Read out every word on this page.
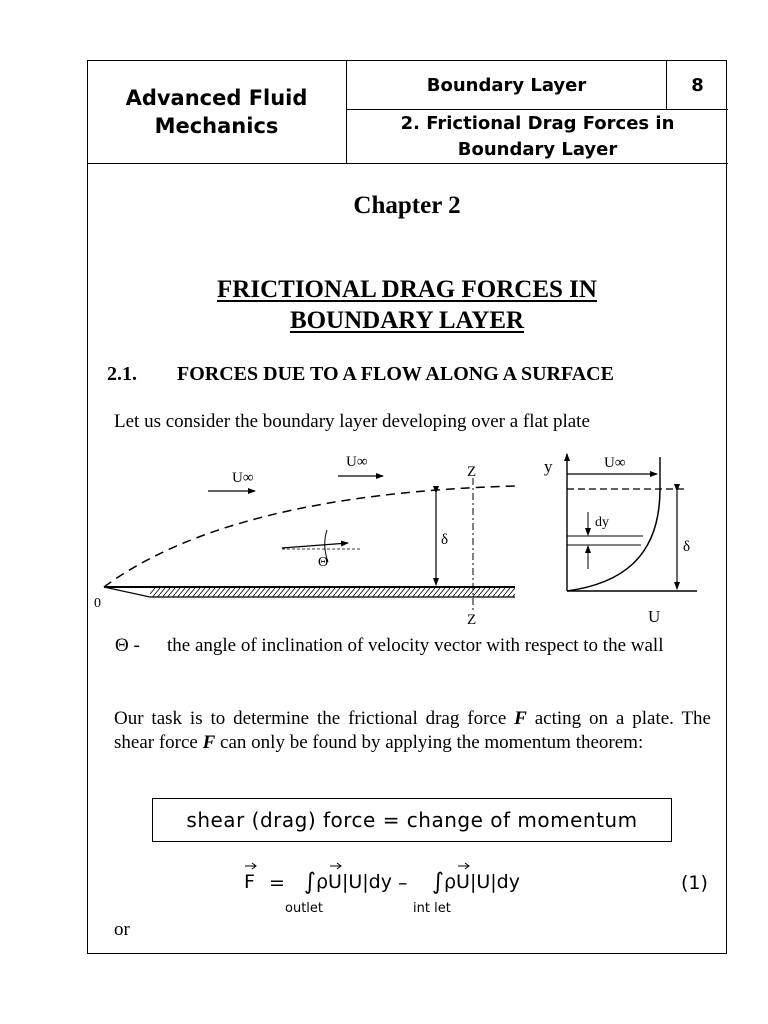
Advanced Fluid
Mechanics
Boundary Layer	8
2. Frictional Drag Forces in
Boundary Layer
Chapter 2
FRICTIONAL DRAG FORCES IN
BOUNDARY LAYER
2.1. FORCES DUE TO A FLOW ALONG A SURFACE
Let us consider the boundary layer developing over a flat plate
U∞
U∞
Z
Z
δ
Θ
0
y	U∞
dy
δ
U
Θ - the angle of inclination of velocity vector with respect to the wall
Our task is to determine the frictional drag force F acting on a plate. The shear force F can only be found by applying the momentum theorem:
shear (drag) force = change of momentum
F = ∫ ρU|U|dy – ∫ ρU|U|dy
outlet	int let
(1)
or
